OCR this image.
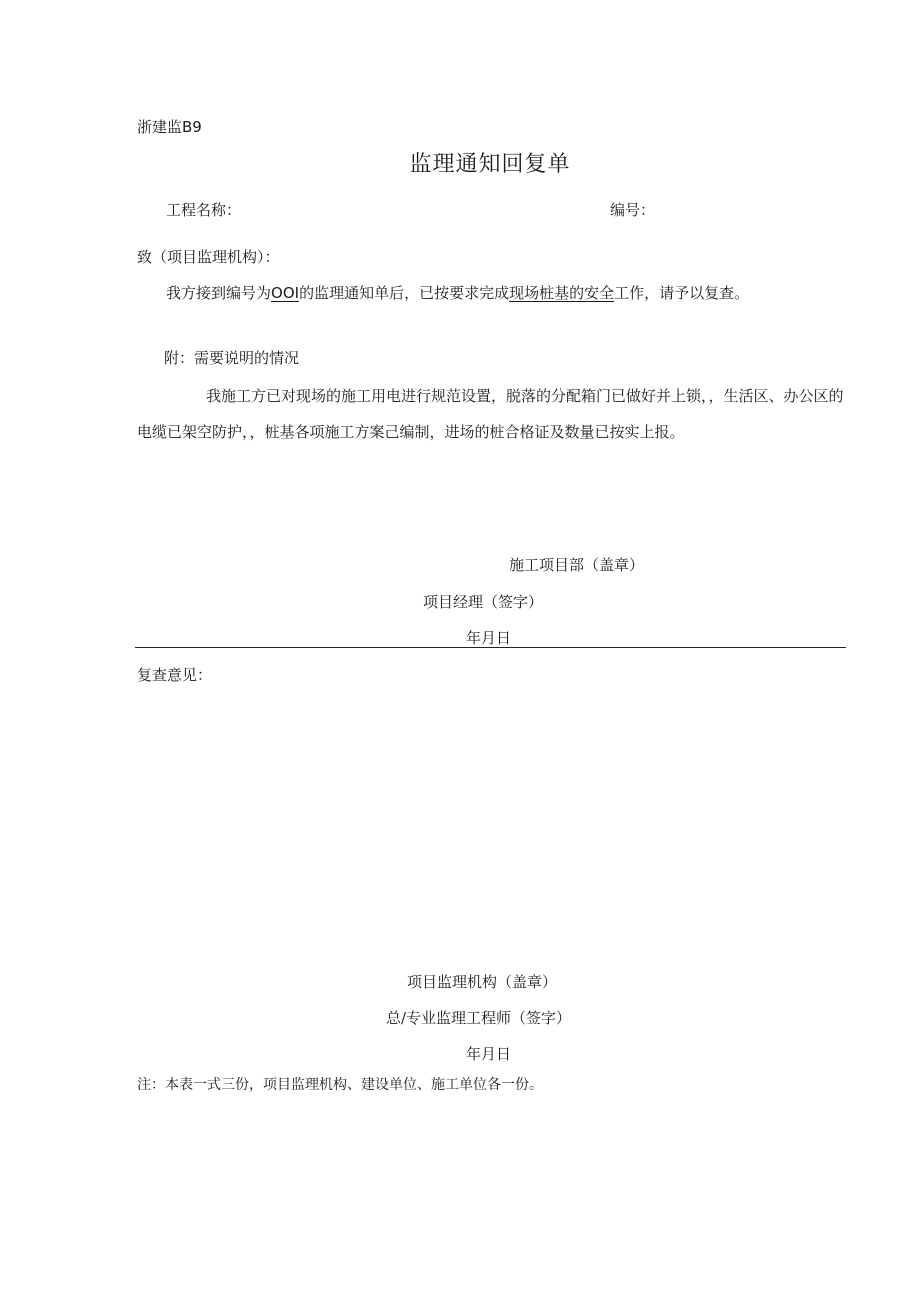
浙建监B9
监理通知回复单
工程名称：	编号：
致（项目监理机构）：
我方接到编号为OOI的监理通知单后，已按要求完成现场桩基的安全工作，请予以复查。
附：需要说明的情况
我施工方已对现场的施工用电进行规范设置，脱落的分配箱门已做好并上锁，，生活区、办公区的电缆已架空防护，，桩基各项施工方案己编制，进场的桩合格证及数量已按实上报。
施工项目部（盖章）
项目经理（签字）
年月日
复查意见：
项目监理机构（盖章）
总/专业监理工程师（签字）
年月日
注：本表一式三份，项目监理机构、建设单位、施工单位各一份。
